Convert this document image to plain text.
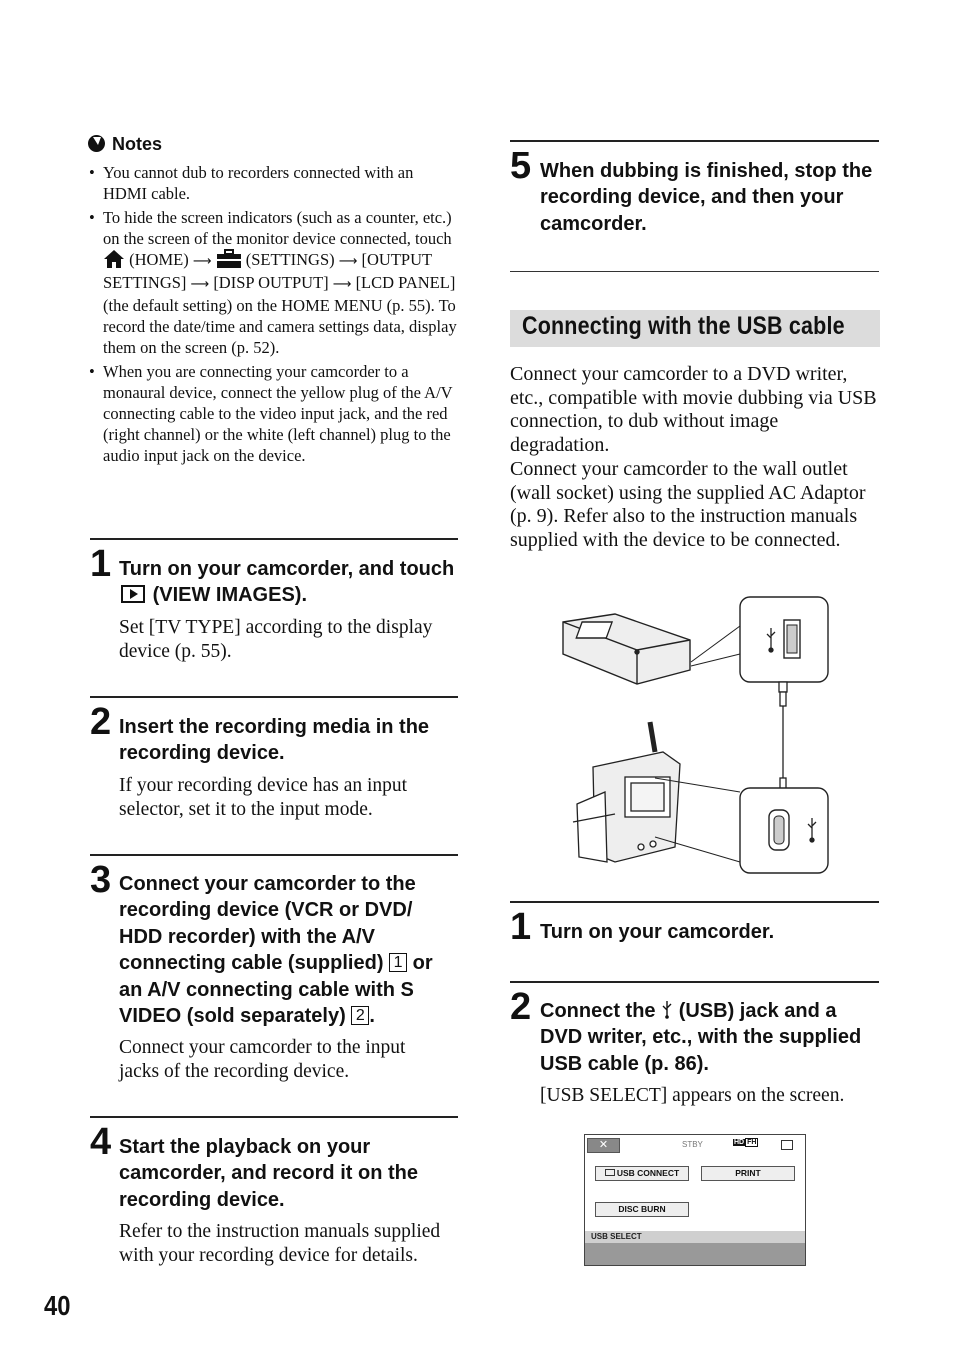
Notes
• You cannot dub to recorders connected with an HDMI cable.
• To hide the screen indicators (such as a counter, etc.) on the screen of the monitor device connected, touch  (HOME) ⟶ (SETTINGS) ⟶ [OUTPUT SETTINGS] ⟶ [DISP OUTPUT] ⟶ [LCD PANEL] (the default setting) on the HOME MENU (p. 55). To record the date/time and camera settings data, display them on the screen (p. 52).
• When you are connecting your camcorder to a monaural device, connect the yellow plug of the A/V connecting cable to the video input jack, and the red (right channel) or the white (left channel) plug to the audio input jack on the device.
1 Turn on your camcorder, and touch  (VIEW IMAGES).
Set [TV TYPE] according to the display device (p. 55).
2 Insert the recording media in the recording device.
If your recording device has an input selector, set it to the input mode.
3 Connect your camcorder to the recording device (VCR or DVD/ HDD recorder) with the A/V connecting cable (supplied) 1 or an A/V connecting cable with S VIDEO (sold separately) 2 .
Connect your camcorder to the input jacks of the recording device.
4 Start the playback on your camcorder, and record it on the recording device.
Refer to the instruction manuals supplied with your recording device for details.
5 When dubbing is finished, stop the recording device, and then your camcorder.
Connecting with the USB cable
Connect your camcorder to a DVD writer, etc., compatible with movie dubbing via USB connection, to dub without image degradation.
Connect your camcorder to the wall outlet (wall socket) using the supplied AC Adaptor (p. 9). Refer also to the instruction manuals supplied with the device to be connected.
1 Turn on your camcorder.
2 Connect the (USB) jack and a DVD writer, etc., with the supplied USB cable (p. 86).
[USB SELECT] appears on the screen.
✕	STBY	HD FH
USB CONNECT	PRINT
DISC BURN
USB SELECT
40
